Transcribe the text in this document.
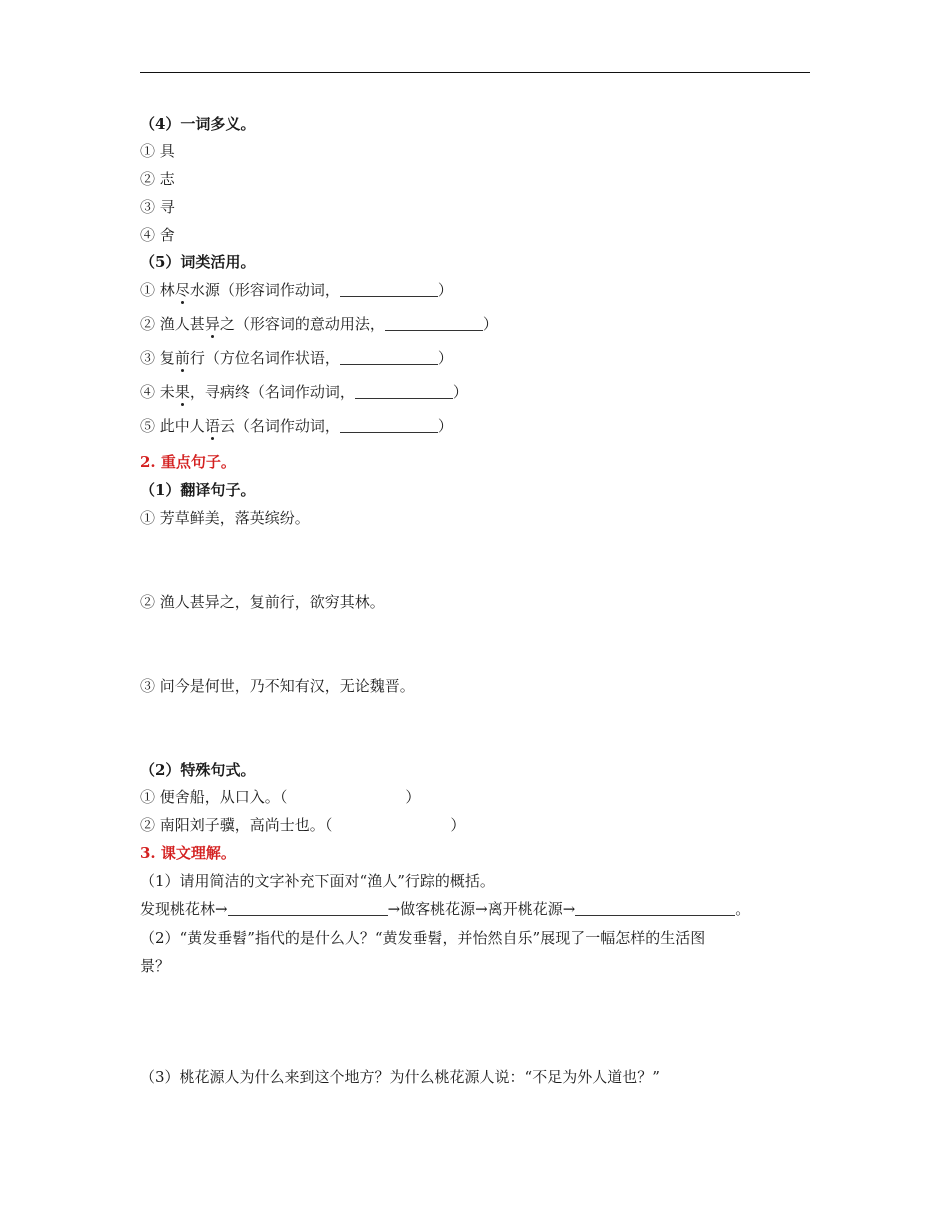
（4）一词多义。
① 具
② 志
③ 寻
④ 舍
（5）词类活用。
① 林尽水源（形容词作动词，	）
② 渔人甚异之（形容词的意动用法，	）
③ 复前行（方位名词作状语，	）
④ 未果，寻病终（名词作动词，	）
⑤ 此中人语云（名词作动词，	）
2. 重点句子。
（1）翻译句子。
① 芳草鲜美，落英缤纷。
② 渔人甚异之，复前行，欲穷其林。
③ 问今是何世，乃不知有汉，无论魏晋。
（2）特殊句式。
① 便舍船，从口入。（	）
② 南阳刘子骥，高尚士也。（	）
3. 课文理解。
（1）请用简洁的文字补充下面对“渔人”行踪的概括。
发现桃花林→	→做客桃花源→离开桃花源→	。
（2）“黄发垂髫”指代的是什么人？“黄发垂髫，并怡然自乐”展现了一幅怎样的生活图
景？
（3）桃花源人为什么来到这个地方？为什么桃花源人说：“不足为外人道也？”
